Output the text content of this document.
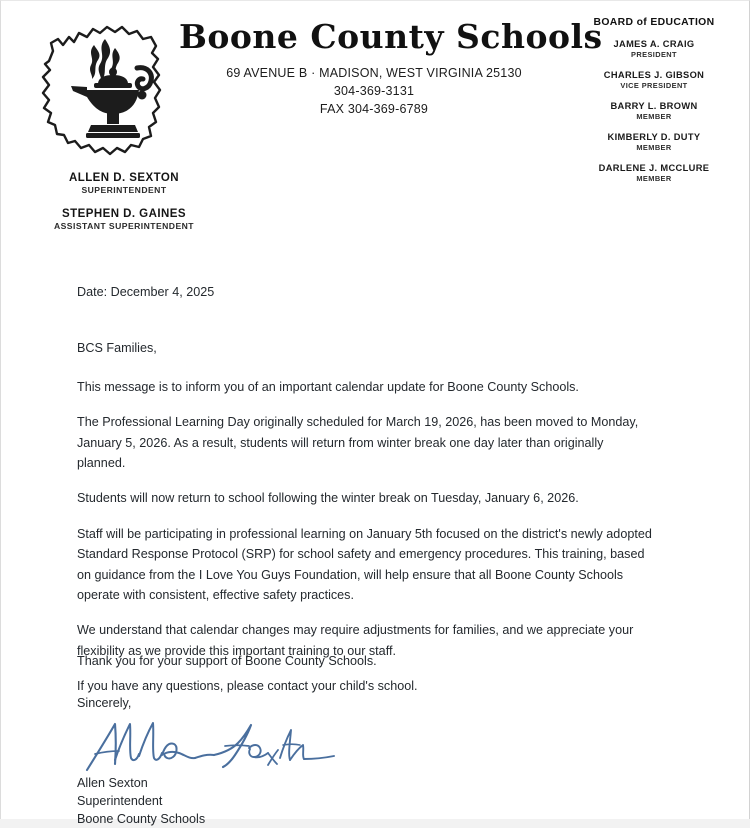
Boone County Schools
69 AVENUE B · MADISON, WEST VIRGINIA 25130
304-369-3131
FAX 304-369-6789
ALLEN D. SEXTON
SUPERINTENDENT
STEPHEN D. GAINES
ASSISTANT SUPERINTENDENT
BOARD of EDUCATION
JAMES A. CRAIG
PRESIDENT
CHARLES J. GIBSON
VICE PRESIDENT
BARRY L. BROWN
MEMBER
KIMBERLY D. DUTY
MEMBER
DARLENE J. MCCLURE
MEMBER

Date: December 4, 2025

BCS Families,

This message is to inform you of an important calendar update for Boone County Schools.

The Professional Learning Day originally scheduled for March 19, 2026, has been moved to Monday, January 5, 2026. As a result, students will return from winter break one day later than originally planned.

Students will now return to school following the winter break on Tuesday, January 6, 2026.

Staff will be participating in professional learning on January 5th focused on the district's newly adopted Standard Response Protocol (SRP) for school safety and emergency procedures. This training, based on guidance from the I Love You Guys Foundation, will help ensure that all Boone County Schools operate with consistent, effective safety practices.

We understand that calendar changes may require adjustments for families, and we appreciate your flexibility as we provide this important training to our staff.

If you have any questions, please contact your child's school.

Thank you for your support of Boone County Schools.

Sincerely,

Allen Sexton
Superintendent
Boone County Schools
